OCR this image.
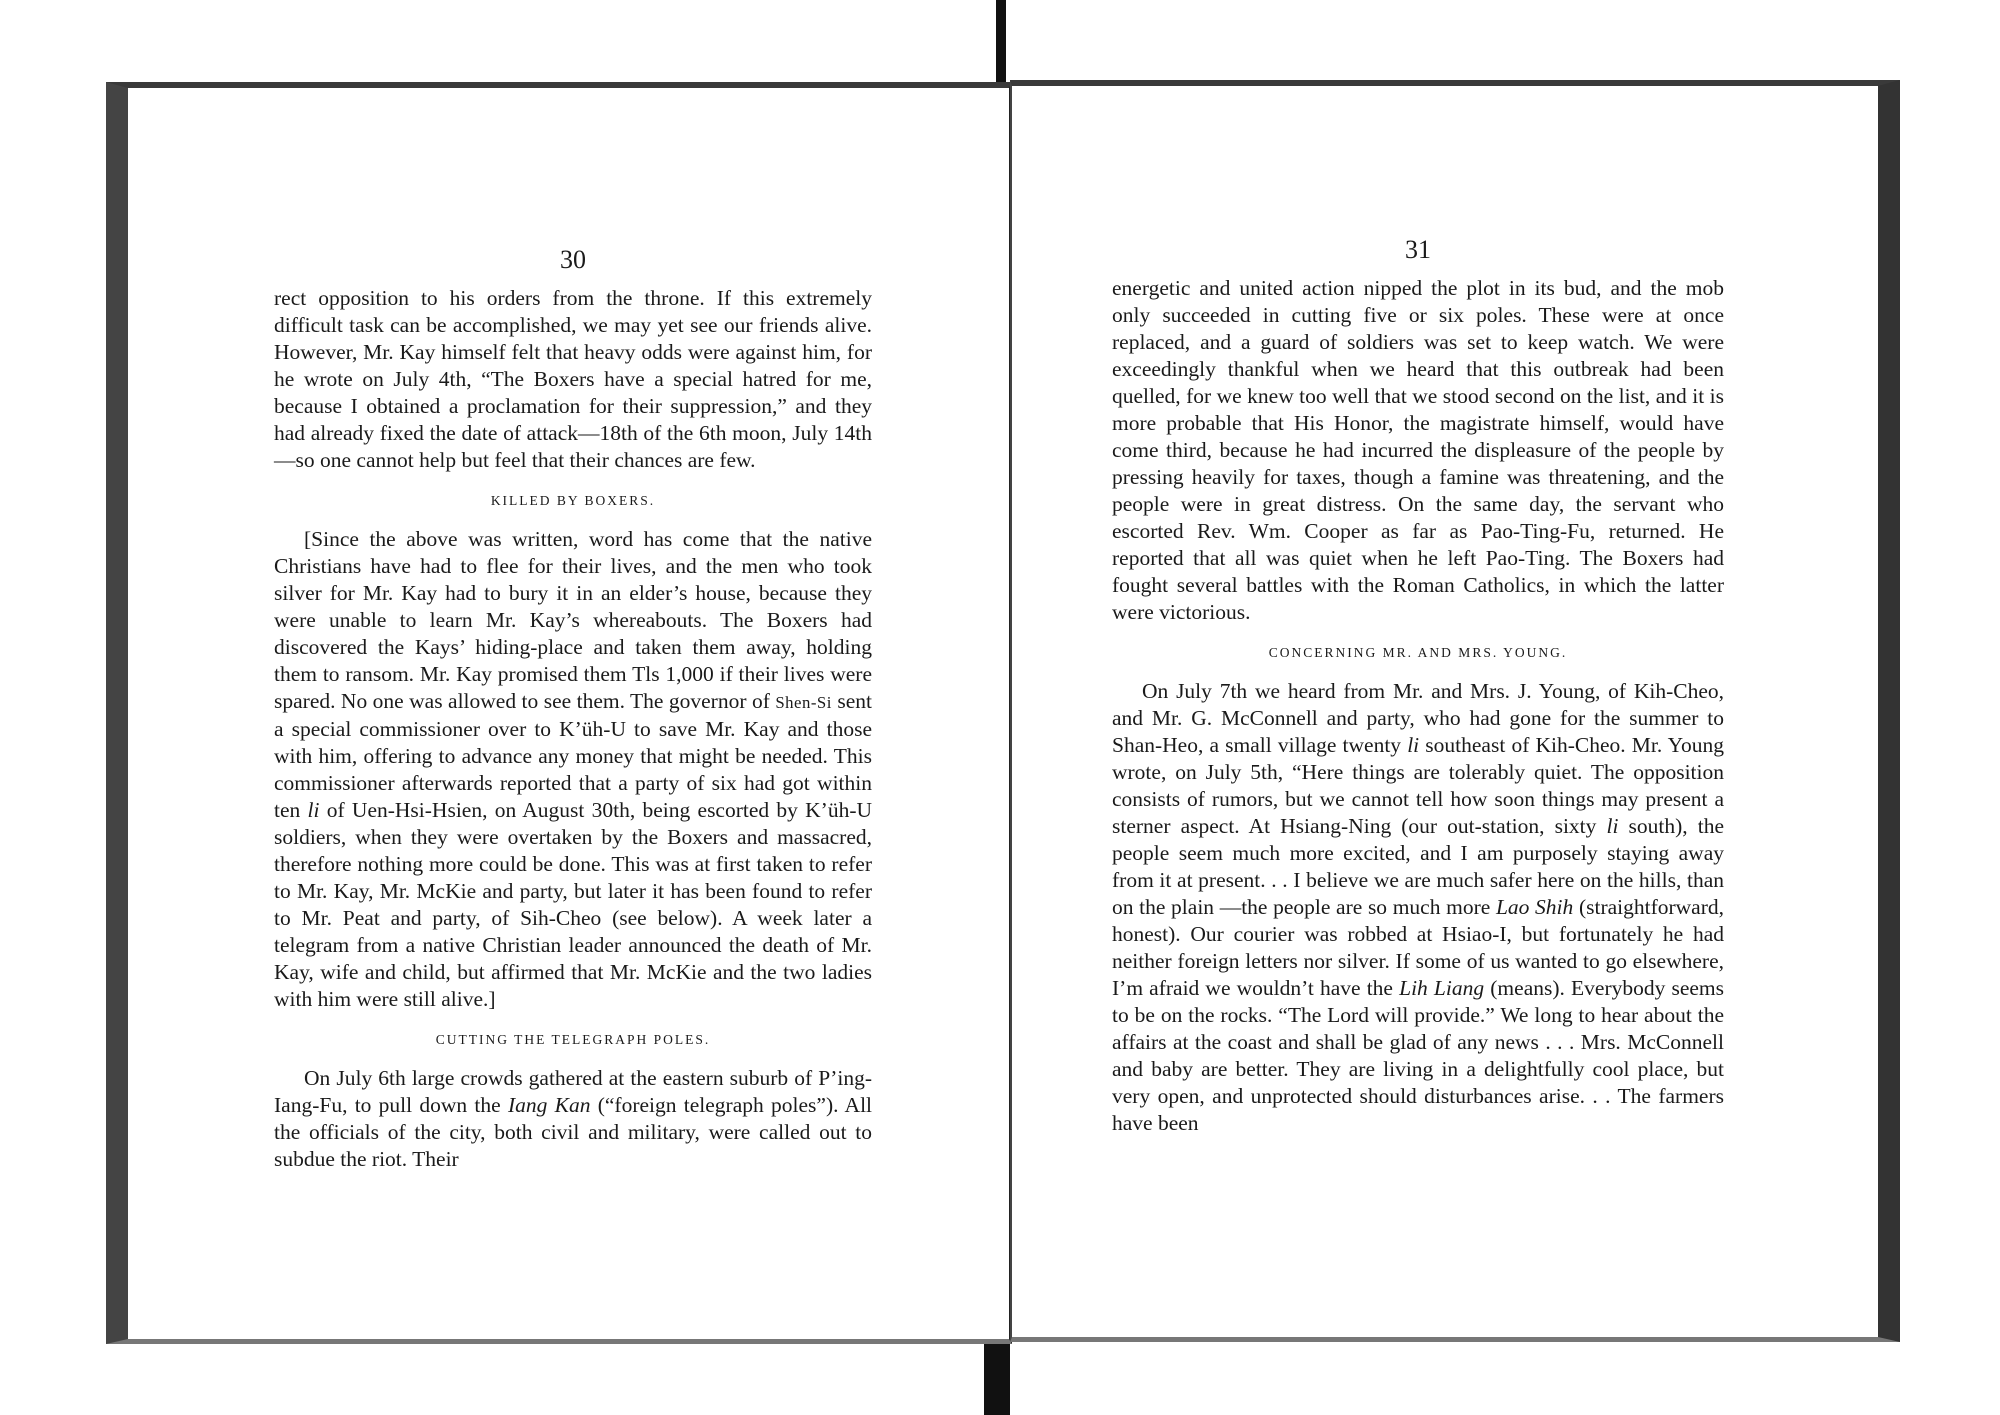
30

rect opposition to his orders from the throne. If this extremely difficult task can be accomplished, we may yet see our friends alive. However, Mr. Kay himself felt that heavy odds were against him, for he wrote on July 4th, “The Boxers have a special hatred for me, because I obtained a proclamation for their suppression,” and they had already fixed the date of attack—18th of the 6th moon, July 14th—so one cannot help but feel that their chances are few.

KILLED BY BOXERS.

[Since the above was written, word has come that the native Christians have had to flee for their lives, and the men who took silver for Mr. Kay had to bury it in an elder’s house, because they were unable to learn Mr. Kay’s whereabouts. The Boxers had discovered the Kays’ hiding-place and taken them away, holding them to ransom. Mr. Kay promised them Tls 1,000 if their lives were spared. No one was allowed to see them. The governor of Shen-Si sent a special commissioner over to K’üh-U to save Mr. Kay and those with him, offering to advance any money that might be needed. This commissioner afterwards reported that a party of six had got within ten li of Uen-Hsi-Hsien, on August 30th, being escorted by K’üh-U soldiers, when they were overtaken by the Boxers and massacred, therefore nothing more could be done. This was at first taken to refer to Mr. Kay, Mr. McKie and party, but later it has been found to refer to Mr. Peat and party, of Sih-Cheo (see below). A week later a telegram from a native Christian leader announced the death of Mr. Kay, wife and child, but affirmed that Mr. McKie and the two ladies with him were still alive.]

CUTTING THE TELEGRAPH POLES.

On July 6th large crowds gathered at the eastern suburb of P’ing-Iang-Fu, to pull down the Iang Kan (“foreign telegraph poles”). All the officials of the city, both civil and military, were called out to subdue the riot. Their

31

energetic and united action nipped the plot in its bud, and the mob only succeeded in cutting five or six poles. These were at once replaced, and a guard of soldiers was set to keep watch. We were exceedingly thankful when we heard that this outbreak had been quelled, for we knew too well that we stood second on the list, and it is more probable that His Honor, the magistrate himself, would have come third, because he had incurred the displeasure of the people by pressing heavily for taxes, though a famine was threatening, and the people were in great distress. On the same day, the servant who escorted Rev. Wm. Cooper as far as Pao-Ting-Fu, returned. He reported that all was quiet when he left Pao-Ting. The Boxers had fought several battles with the Roman Catholics, in which the latter were victorious.

CONCERNING MR. AND MRS. YOUNG.

On July 7th we heard from Mr. and Mrs. J. Young, of Kih-Cheo, and Mr. G. McConnell and party, who had gone for the summer to Shan-Heo, a small village twenty li southeast of Kih-Cheo. Mr. Young wrote, on July 5th, “Here things are tolerably quiet. The opposition consists of rumors, but we cannot tell how soon things may present a sterner aspect. At Hsiang-Ning (our out-station, sixty li south), the people seem much more excited, and I am purposely staying away from it at present. . . I believe we are much safer here on the hills, than on the plain —the people are so much more Lao Shih (straightforward, honest). Our courier was robbed at Hsiao-I, but fortunately he had neither foreign letters nor silver. If some of us wanted to go elsewhere, I’m afraid we wouldn’t have the Lih Liang (means). Everybody seems to be on the rocks. “The Lord will provide.” We long to hear about the affairs at the coast and shall be glad of any news . . . Mrs. McConnell and baby are better. They are living in a delightfully cool place, but very open, and unprotected should disturbances arise. . . The farmers have been
